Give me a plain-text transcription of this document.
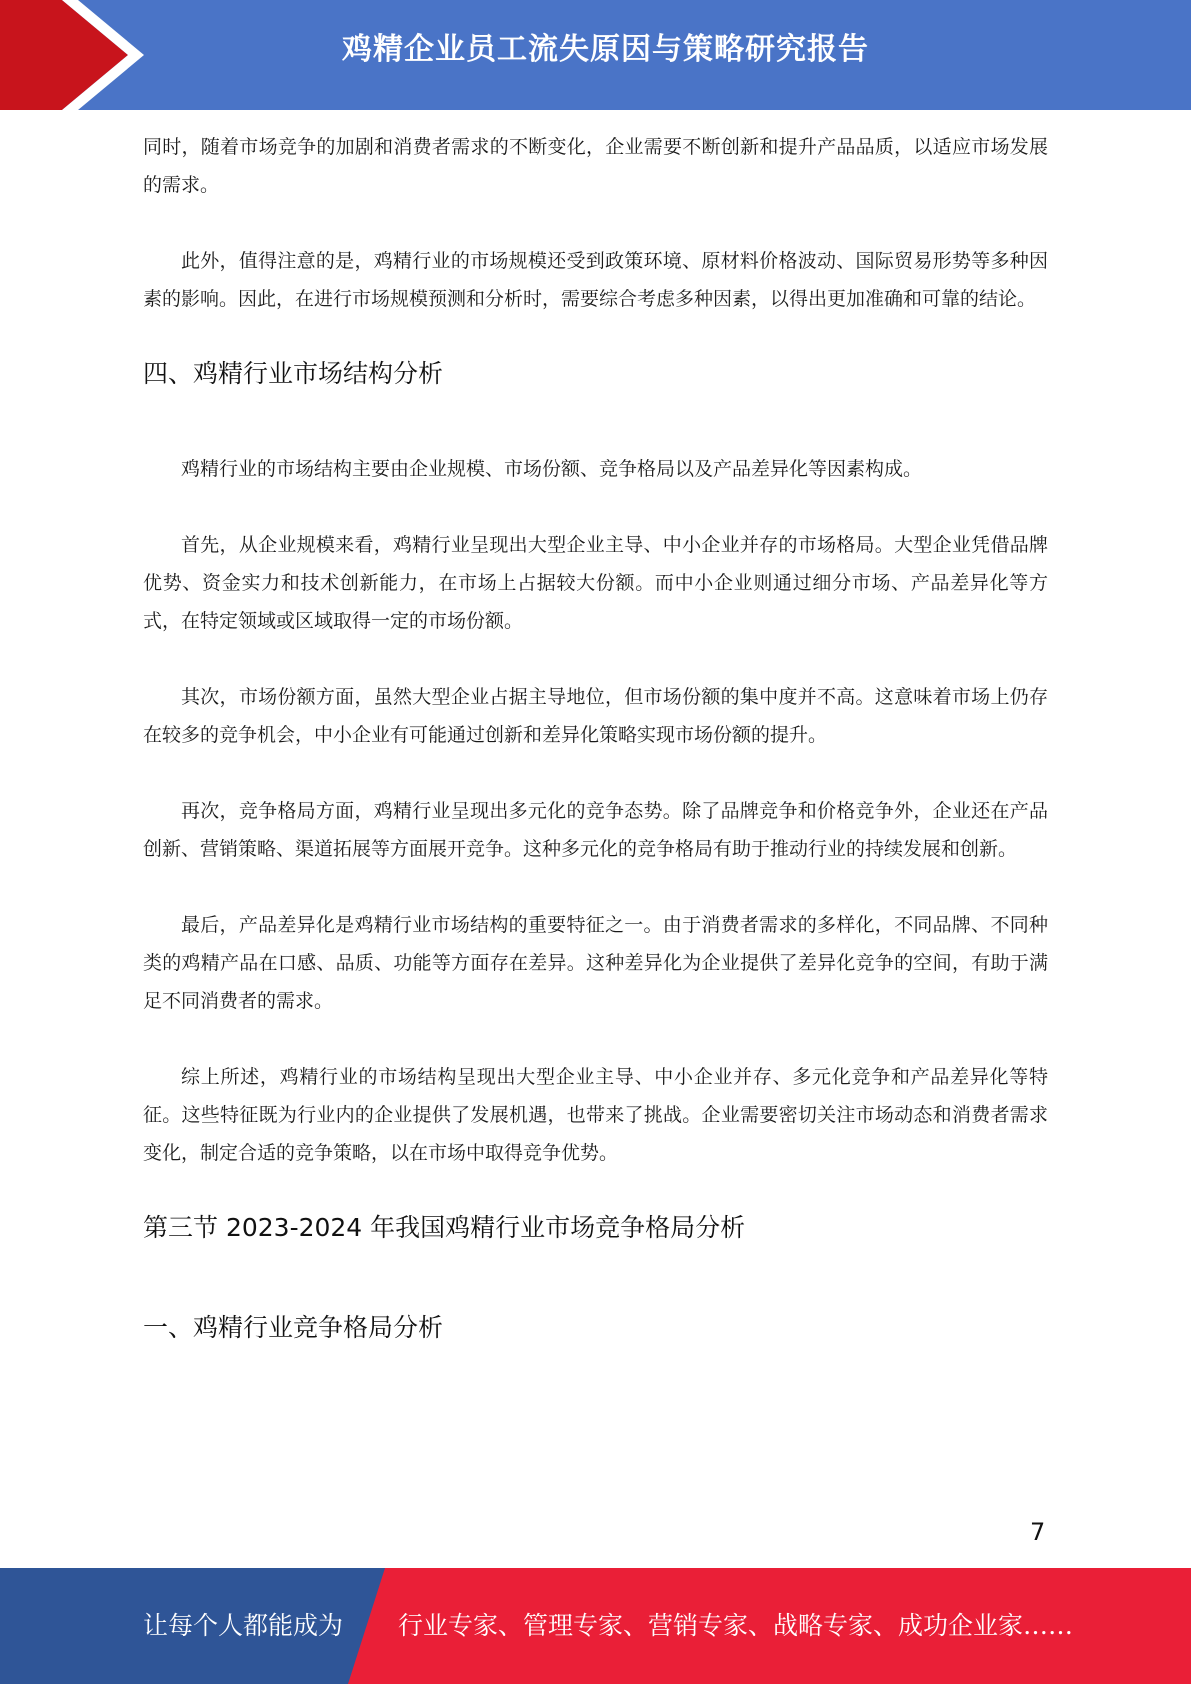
鸡精企业员工流失原因与策略研究报告

同时，随着市场竞争的加剧和消费者需求的不断变化，企业需要不断创新和提升产品品质，以适应市场发展的需求。

此外，值得注意的是，鸡精行业的市场规模还受到政策环境、原材料价格波动、国际贸易形势等多种因素的影响。因此，在进行市场规模预测和分析时，需要综合考虑多种因素，以得出更加准确和可靠的结论。

四、鸡精行业市场结构分析

鸡精行业的市场结构主要由企业规模、市场份额、竞争格局以及产品差异化等因素构成。

首先，从企业规模来看，鸡精行业呈现出大型企业主导、中小企业并存的市场格局。大型企业凭借品牌优势、资金实力和技术创新能力，在市场上占据较大份额。而中小企业则通过细分市场、产品差异化等方式，在特定领域或区域取得一定的市场份额。

其次，市场份额方面，虽然大型企业占据主导地位，但市场份额的集中度并不高。这意味着市场上仍存在较多的竞争机会，中小企业有可能通过创新和差异化策略实现市场份额的提升。

再次，竞争格局方面，鸡精行业呈现出多元化的竞争态势。除了品牌竞争和价格竞争外，企业还在产品创新、营销策略、渠道拓展等方面展开竞争。这种多元化的竞争格局有助于推动行业的持续发展和创新。

最后，产品差异化是鸡精行业市场结构的重要特征之一。由于消费者需求的多样化，不同品牌、不同种类的鸡精产品在口感、品质、功能等方面存在差异。这种差异化为企业提供了差异化竞争的空间，有助于满足不同消费者的需求。

综上所述，鸡精行业的市场结构呈现出大型企业主导、中小企业并存、多元化竞争和产品差异化等特征。这些特征既为行业内的企业提供了发展机遇，也带来了挑战。企业需要密切关注市场动态和消费者需求变化，制定合适的竞争策略，以在市场中取得竞争优势。

第三节 2023-2024 年我国鸡精行业市场竞争格局分析
一、鸡精行业竞争格局分析
7
让每个人都能成为 行业专家、管理专家、营销专家、战略专家、成功企业家……
